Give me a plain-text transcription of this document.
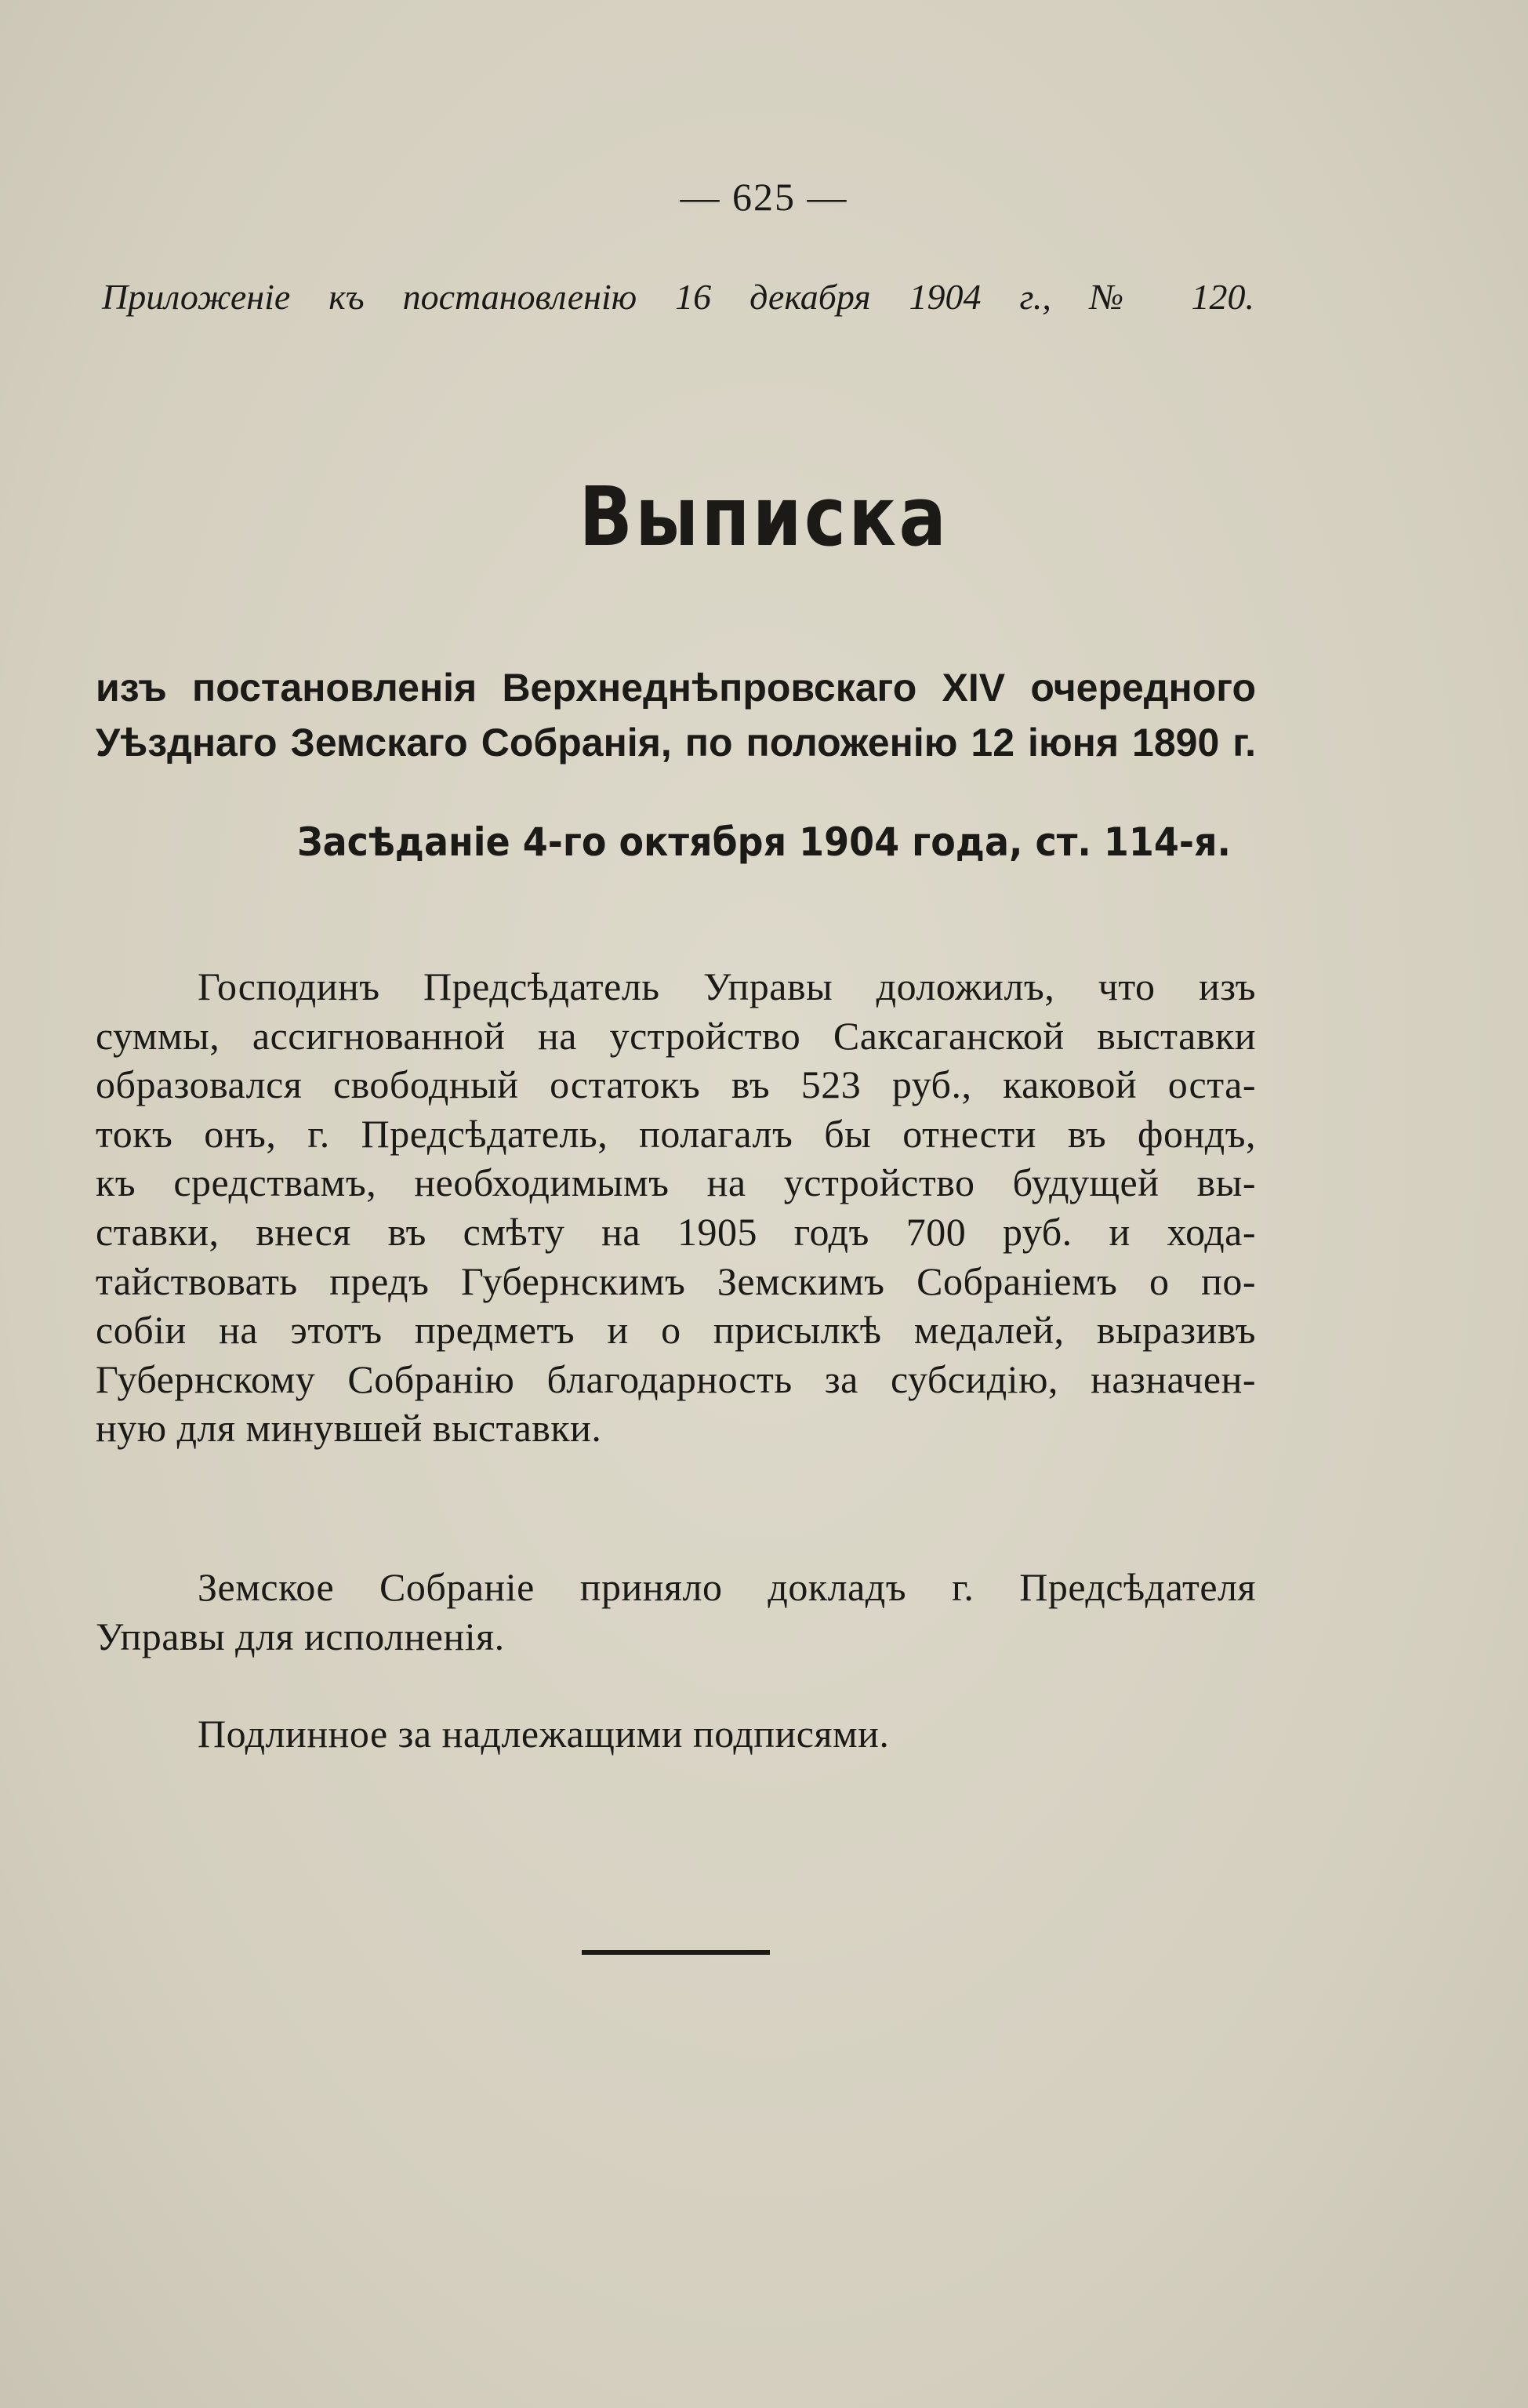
— 625 —
Приложеніе къ постановленію 16 декабря 1904 г., № 120.
Выписка
изъ постановленія Верхнеднѣпровскаго XIV очередного
Уѣзднаго Земскаго Собранія, по положенію 12 іюня 1890 г.
Засѣданіе 4-го октября 1904 года, ст. 114-я.
Господинъ Предсѣдатель Управы доложилъ, что изъ
суммы, ассигнованной на устройство Саксаганской выставки
образовался свободный остатокъ въ 523 руб., каковой оста-
токъ онъ, г. Предсѣдатель, полагалъ бы отнести въ фондъ,
къ средствамъ, необходимымъ на устройство будущей вы-
ставки, внеся въ смѣту на 1905 годъ 700 руб. и хода-
тайствовать предъ Губернскимъ Земскимъ Собраніемъ о по-
собіи на этотъ предметъ и о присылкѣ медалей, выразивъ
Губернскому Собранію благодарность за субсидію, назначен-
ную для минувшей выставки.
Земское Собраніе приняло докладъ г. Предсѣдателя
Управы для исполненія.
Подлинное за надлежащими подписями.
